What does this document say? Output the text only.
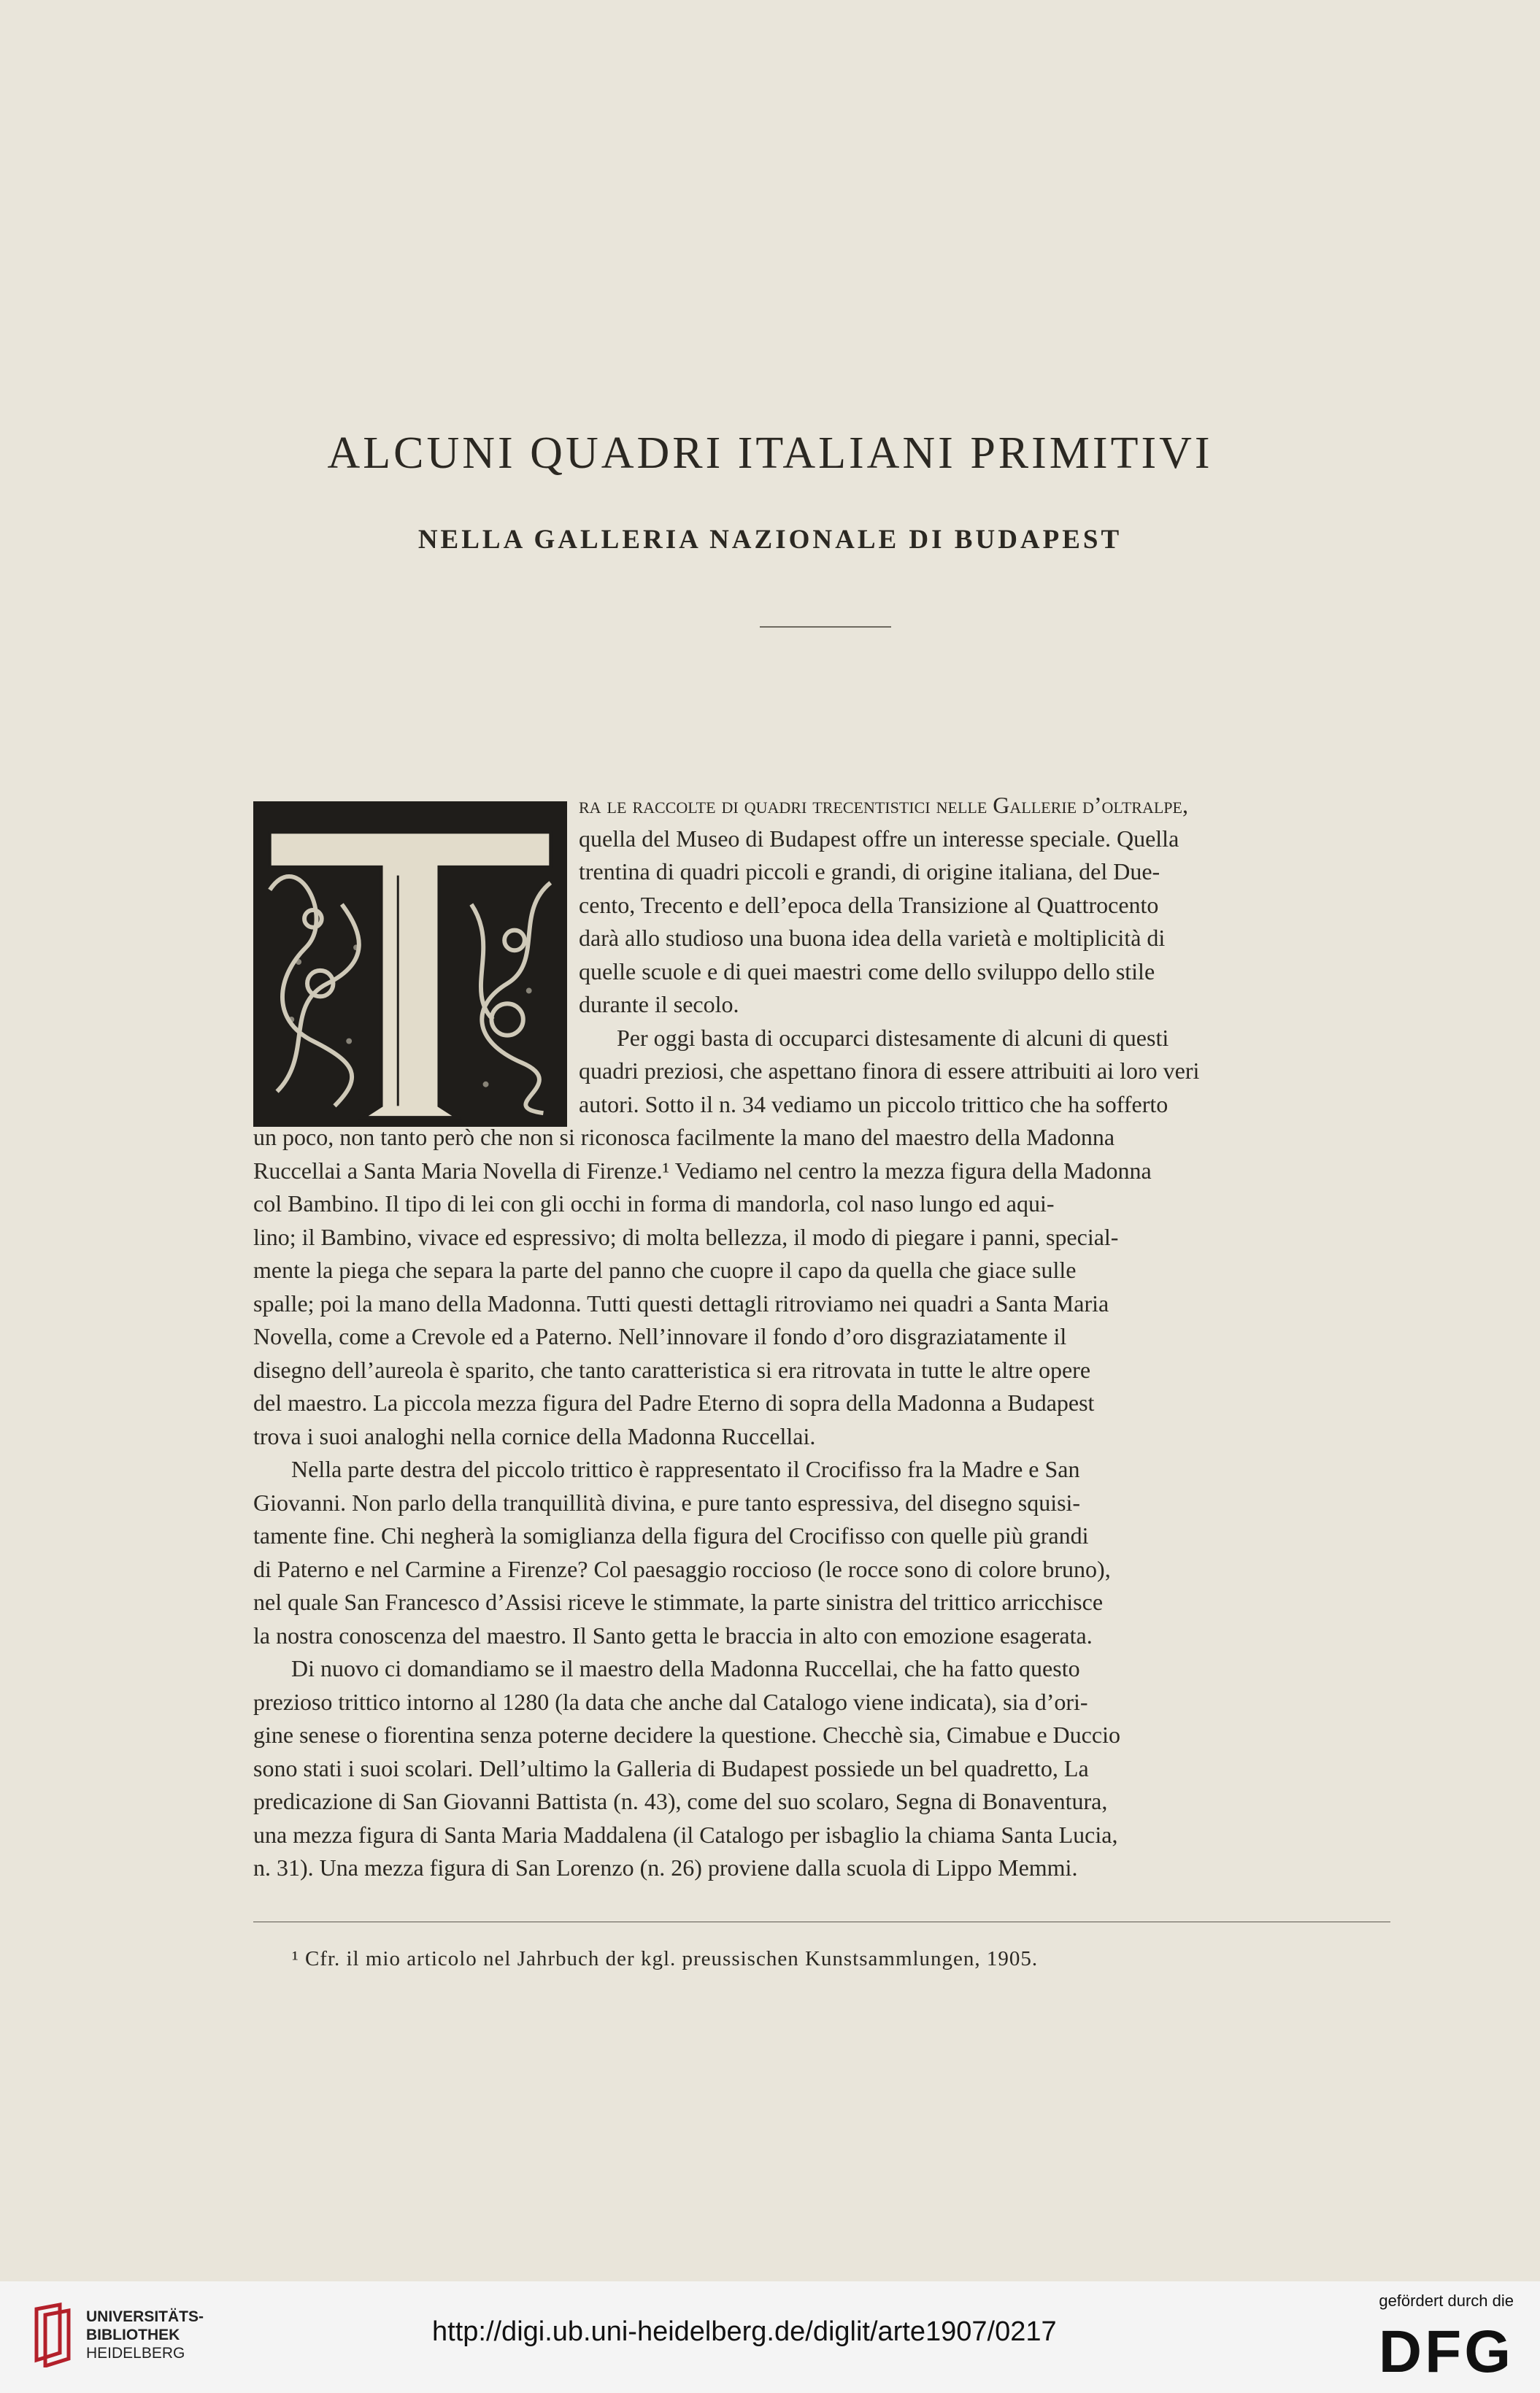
ALCUNI QUADRI ITALIANI PRIMITIVI
NELLA GALLERIA NAZIONALE DI BUDAPEST
ra le raccolte di quadri trecentistici nelle Gallerie d’oltralpe,
quella del Museo di Budapest offre un interesse speciale. Quella
trentina di quadri piccoli e grandi, di origine italiana, del Due-
cento, Trecento e dell’epoca della Transizione al Quattrocento
darà allo studioso una buona idea della varietà e moltiplicità di
quelle scuole e di quei maestri come dello sviluppo dello stile
durante il secolo.
Per oggi basta di occuparci distesamente di alcuni di questi
quadri preziosi, che aspettano finora di essere attribuiti ai loro veri
autori. Sotto il n. 34 vediamo un piccolo trittico che ha sofferto
un poco, non tanto però che non si riconosca facilmente la mano del maestro della Madonna
Ruccellai a Santa Maria Novella di Firenze.¹ Vediamo nel centro la mezza figura della Madonna
col Bambino. Il tipo di lei con gli occhi in forma di mandorla, col naso lungo ed aqui-
lino; il Bambino, vivace ed espressivo; di molta bellezza, il modo di piegare i panni, special-
mente la piega che separa la parte del panno che cuopre il capo da quella che giace sulle
spalle; poi la mano della Madonna. Tutti questi dettagli ritroviamo nei quadri a Santa Maria
Novella, come a Crevole ed a Paterno. Nell’innovare il fondo d’oro disgraziatamente il
disegno dell’aureola è sparito, che tanto caratteristica si era ritrovata in tutte le altre opere
del maestro. La piccola mezza figura del Padre Eterno di sopra della Madonna a Budapest
trova i suoi analoghi nella cornice della Madonna Ruccellai.
Nella parte destra del piccolo trittico è rappresentato il Crocifisso fra la Madre e San
Giovanni. Non parlo della tranquillità divina, e pure tanto espressiva, del disegno squisi-
tamente fine. Chi negherà la somiglianza della figura del Crocifisso con quelle più grandi
di Paterno e nel Carmine a Firenze? Col paesaggio roccioso (le rocce sono di colore bruno),
nel quale San Francesco d’Assisi riceve le stimmate, la parte sinistra del trittico arricchisce
la nostra conoscenza del maestro. Il Santo getta le braccia in alto con emozione esagerata.
Di nuovo ci domandiamo se il maestro della Madonna Ruccellai, che ha fatto questo
prezioso trittico intorno al 1280 (la data che anche dal Catalogo viene indicata), sia d’ori-
gine senese o fiorentina senza poterne decidere la questione. Checchè sia, Cimabue e Duccio
sono stati i suoi scolari. Dell’ultimo la Galleria di Budapest possiede un bel quadretto, La
predicazione di San Giovanni Battista (n. 43), come del suo scolaro, Segna di Bonaventura,
una mezza figura di Santa Maria Maddalena (il Catalogo per isbaglio la chiama Santa Lucia,
n. 31). Una mezza figura di San Lorenzo (n. 26) proviene dalla scuola di Lippo Memmi.
¹ Cfr. il mio articolo nel Jahrbuch der kgl. preussischen Kunstsammlungen, 1905.
UNIVERSITÄTS-
BIBLIOTHEK
HEIDELBERG
http://digi.ub.uni-heidelberg.de/diglit/arte1907/0217
gefördert durch die
DFG
